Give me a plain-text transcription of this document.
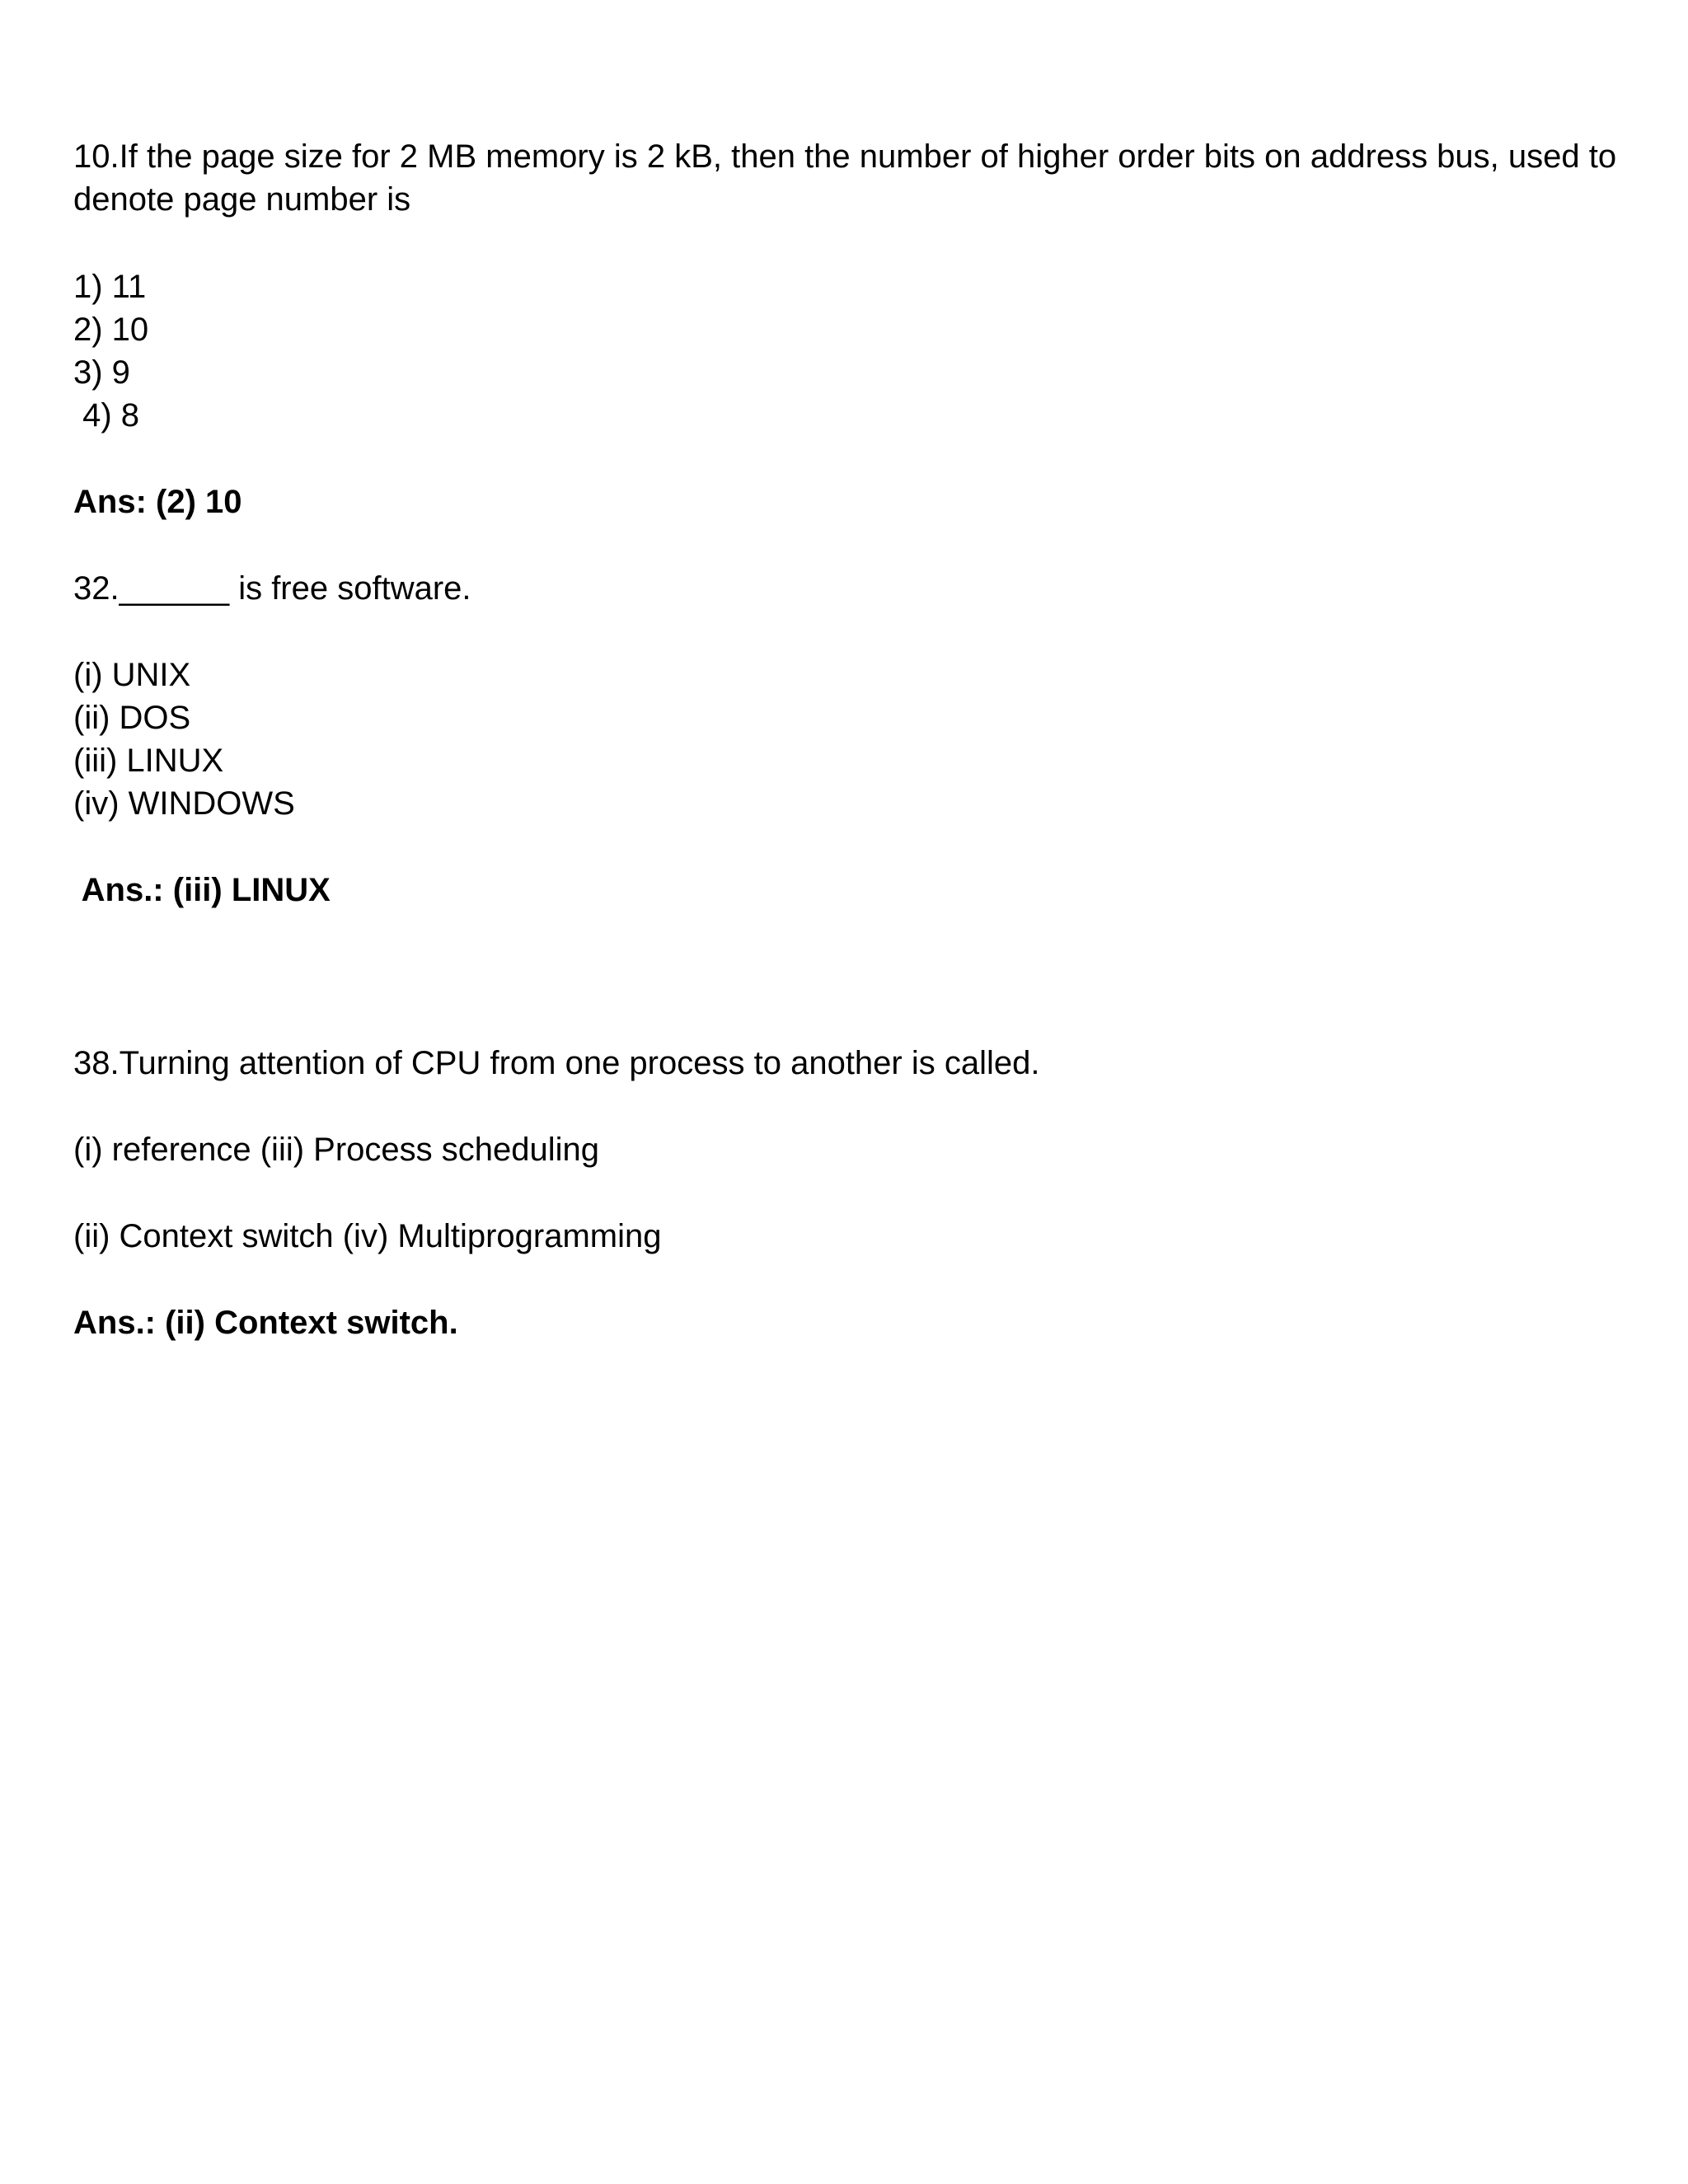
10.If the page size for 2 MB memory is 2 kB, then the number of higher order bits on address bus, used to denote page number is

1) 11

2) 10

3) 9

4) 8

Ans: (2) 10

32.______ is free software.

(i) UNIX

(ii) DOS

(iii) LINUX

(iv) WINDOWS

Ans.: (iii) LINUX

38.Turning attention of CPU from one process to another is called.

(i) reference (iii) Process scheduling

(ii) Context switch (iv) Multiprogramming

Ans.: (ii) Context switch.
